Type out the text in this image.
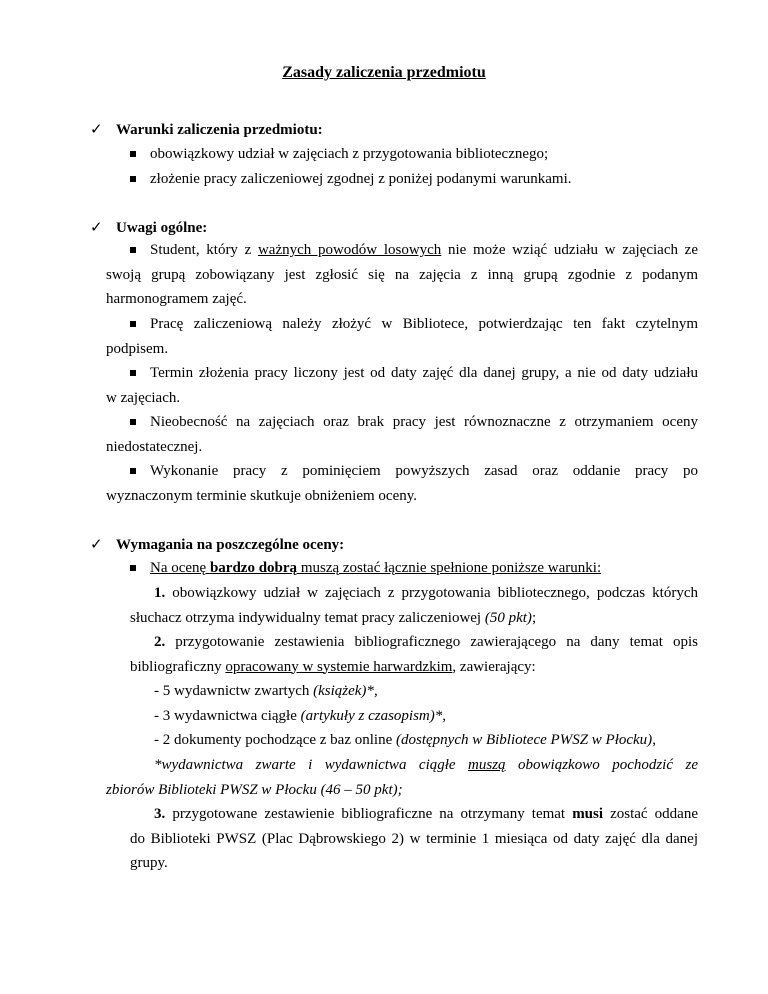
Zasady zaliczenia przedmiotu
✓ Warunki zaliczenia przedmiotu:
obowiązkowy udział w zajęciach z przygotowania bibliotecznego;
złożenie pracy zaliczeniowej zgodnej z poniżej podanymi warunkami.
✓ Uwagi ogólne:
Student, który z ważnych powodów losowych nie może wziąć udziału w zajęciach ze
swoją grupą zobowiązany jest zgłosić się na zajęcia z inną grupą zgodnie z podanym
harmonogramem zajęć.
Pracę zaliczeniową należy złożyć w Bibliotece, potwierdzając ten fakt czytelnym
podpisem.
Termin złożenia pracy liczony jest od daty zajęć dla danej grupy, a nie od daty udziału
w zajęciach.
Nieobecność na zajęciach oraz brak pracy jest równoznaczne z otrzymaniem oceny
niedostatecznej.
Wykonanie pracy z pominięciem powyższych zasad oraz oddanie pracy po
wyznaczonym terminie skutkuje obniżeniem oceny.
✓ Wymagania na poszczególne oceny:
Na ocenę bardzo dobrą muszą zostać łącznie spełnione poniższe warunki:
1. obowiązkowy udział w zajęciach z przygotowania bibliotecznego, podczas których
słuchacz otrzyma indywidualny temat pracy zaliczeniowej (50 pkt);
2. przygotowanie zestawienia bibliograficznego zawierającego na dany temat opis
bibliograficzny opracowany w systemie harwardzkim, zawierający:
- 5 wydawnictw zwartych (książek)*,
- 3 wydawnictwa ciągłe (artykuły z czasopism)*,
- 2 dokumenty pochodzące z baz online (dostępnych w Bibliotece PWSZ w Płocku),
*wydawnictwa zwarte i wydawnictwa ciągłe muszą obowiązkowo pochodzić ze
zbiorów Biblioteki PWSZ w Płocku (46 – 50 pkt);
3. przygotowane zestawienie bibliograficzne na otrzymany temat musi zostać oddane
do Biblioteki PWSZ (Plac Dąbrowskiego 2) w terminie 1 miesiąca od daty zajęć dla danej
grupy.
